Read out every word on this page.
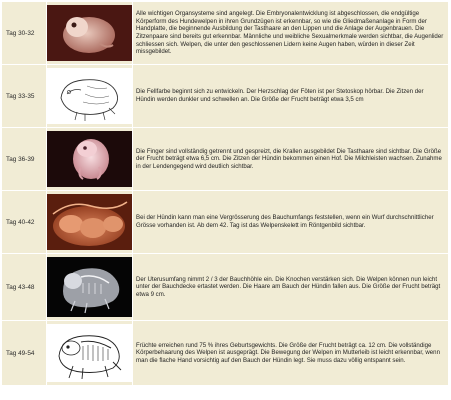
Tag 30-32		Alle wichtigen Organsysteme sind angelegt. Die Embryonalentwicklung ist abgeschlossen, die endgültige Körperform des Hundewelpen in ihren Grundzügen ist erkennbar, so wie die Gliedmaßenanlage in Form der Handplatte, die beginnende Ausbildung der Tasthaare an den Lippen und die Anlage der Augenbrauen. Die Zitzenpaare sind bereits gut erkennbar. Männliche und weibliche Sexualmerkmale werden sichtbar, die Augenlider schliessen sich. Welpen, die unter den geschlossenen Lidern keine Augen haben, würden in dieser Zeit missgebildet.
Tag 33-35		Die Fellfarbe beginnt sich zu entwickeln. Der Herzschlag der Föten ist per Stetoskop hörbar. Die Zitzen der Hündin werden dunkler und schwellen an. Die Größe der Frucht beträgt etwa 3,5 cm
Tag 36-39		Die Finger sind vollständig getrennt und gespreizt, die Krallen ausgebildet Die Tasthaare sind sichtbar. Die Größe der Frucht beträgt etwa 6,5 cm. Die Zitzen der Hündin bekommen einen Hof. Die Milchleisten wachsen. Zunahme in der Lendengegend wird deutlich sichtbar.
Tag 40-42		Bei der Hündin kann man eine Vergrösserung des Bauchumfangs feststellen, wenn ein Wurf durchschnittlicher Grösse vorhanden ist. Ab dem 42. Tag ist das Welpenskelett im Röntgenbild sichtbar.
Tag 43-48		Der Uterusumfang nimmt 2 / 3 der Bauchhöhle ein. Die Knochen verstärken sich. Die Welpen können nun leicht unter der Bauchdecke ertastet werden. Die Haare am Bauch der Hündin fallen aus. Die Größe der Frucht beträgt etwa 9 cm.
Tag 49-54		Früchte erreichen rund 75 % ihres Geburtsgewichts. Die Größe der Frucht beträgt ca. 12 cm. Die vollständige Körperbehaarung des Welpen ist ausgeprägt. Die Bewegung der Welpen im Mutterleib ist leicht erkennbar, wenn man die flache Hand vorsichtig auf den Bauch der Hündin legt. Sie muss dazu völlig entspannt sein.
